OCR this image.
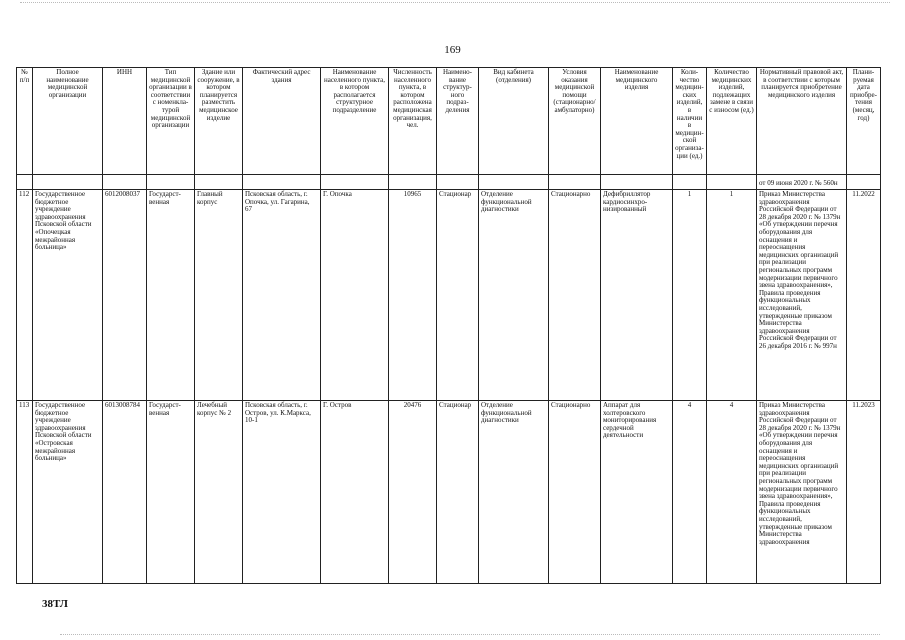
169
№ п/п	Полное наименование медицинской организации	ИНН	Тип медицинской организации в соответствии с номенкла-турой медицинской организации	Здание или сооружение, в котором планируется разместить медицинское изделие	Фактический адрес здания	Наименование населенного пункта, в котором располагается структурное подразделение	Численность населенного пункта, в котором расположена медицинская организация, чел.	Наимено-вание структур-ного подраз-деления	Вид кабинета (отделения)	Условия оказания медицинской помощи (стационарно/амбулаторно)	Наименование медицинского изделия	Коли-чество медицин-ских изделий, в наличии в медицин-ской организа-ции (ед.)	Количество медицинских изделий, подлежащих замене в связи с износом (ед.)	Нормативный правовой акт, в соответствии с которым планируется приобретение медицинского изделия	Плани-руемая дата приобре-тения (месяц, год)
														от 09 июня 2020 г. № 560н	
112	Государственное бюджетное учреждение здравоохранения Псковской области «Опочецкая межрайонная больница»	6012008037	Государст-венная	Главный корпус	Псковская область, г. Опочка, ул. Гагарина, 67	Г. Опочка	10965	Стационар	Отделение функциональной диагностики	Стационарно	Дефибриллятор кардиосинхро-низированный	1	1	Приказ Министерства здравоохранения Российской Федерации от 28 декабря 2020 г. № 1379н «Об утверждении перечня оборудования для оснащения и переоснащения медицинских организаций при реализации региональных программ модернизации первичного звена здравоохранения», Правила проведения функциональных исследований, утвержденные приказом Министерства здравоохранения Российской Федерации от 26 декабря 2016 г. № 997н	11.2022
113	Государственное бюджетное учреждение здравоохранения Псковской области «Островская межрайонная больница»	6013008784	Государст-венная	Лечебный корпус № 2	Псковская область, г. Остров, ул. К.Маркса, 10-1	Г. Остров	20476	Стационар	Отделение функциональной диагностики	Стационарно	Аппарат для холтеровского мониторирования сердечной деятельности	4	4	Приказ Министерства здравоохранения Российской Федерации от 28 декабря 2020 г. № 1379н «Об утверждении перечня оборудования для оснащения и переоснащения медицинских организаций при реализации региональных программ модернизации первичного звена здравоохранения», Правила проведения функциональных исследований, утвержденные приказом Министерства здравоохранения	11.2023
38ТЛ
